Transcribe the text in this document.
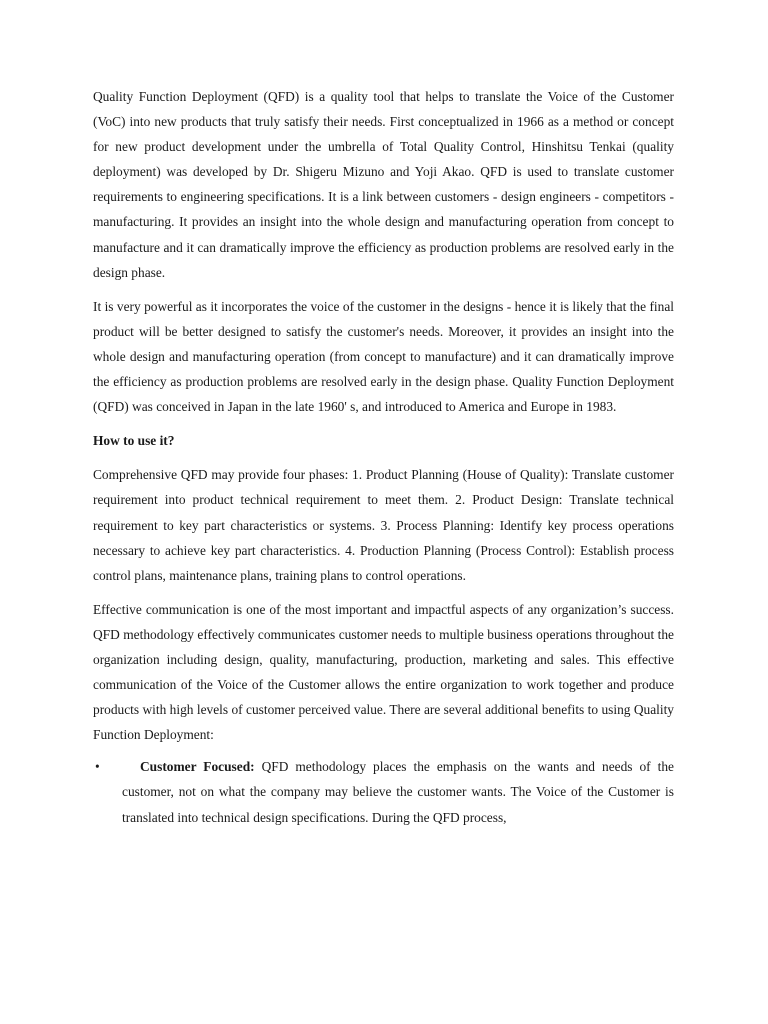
Quality Function Deployment (QFD) is a quality tool that helps to translate the Voice of the Customer (VoC) into new products that truly satisfy their needs. First conceptualized in 1966 as a method or concept for new product development under the umbrella of Total Quality Control, Hinshitsu Tenkai (quality deployment) was developed by Dr. Shigeru Mizuno and Yoji Akao. QFD is used to translate customer requirements to engineering specifications. It is a link between customers - design engineers - competitors - manufacturing. It provides an insight into the whole design and manufacturing operation from concept to manufacture and it can dramatically improve the efficiency as production problems are resolved early in the design phase.

It is very powerful as it incorporates the voice of the customer in the designs - hence it is likely that the final product will be better designed to satisfy the customer's needs. Moreover, it provides an insight into the whole design and manufacturing operation (from concept to manufacture) and it can dramatically improve the efficiency as production problems are resolved early in the design phase. Quality Function Deployment (QFD) was conceived in Japan in the late 1960' s, and introduced to America and Europe in 1983.

How to use it?

Comprehensive QFD may provide four phases: 1. Product Planning (House of Quality): Translate customer requirement into product technical requirement to meet them. 2. Product Design: Translate technical requirement to key part characteristics or systems. 3. Process Planning: Identify key process operations necessary to achieve key part characteristics. 4. Production Planning (Process Control): Establish process control plans, maintenance plans, training plans to control operations.

Effective communication is one of the most important and impactful aspects of any organization’s success. QFD methodology effectively communicates customer needs to multiple business operations throughout the organization including design, quality, manufacturing, production, marketing and sales. This effective communication of the Voice of the Customer allows the entire organization to work together and produce products with high levels of customer perceived value. There are several additional benefits to using Quality Function Deployment:

•	Customer Focused: QFD methodology places the emphasis on the wants and needs of the customer, not on what the company may believe the customer wants. The Voice of the Customer is translated into technical design specifications. During the QFD process,
